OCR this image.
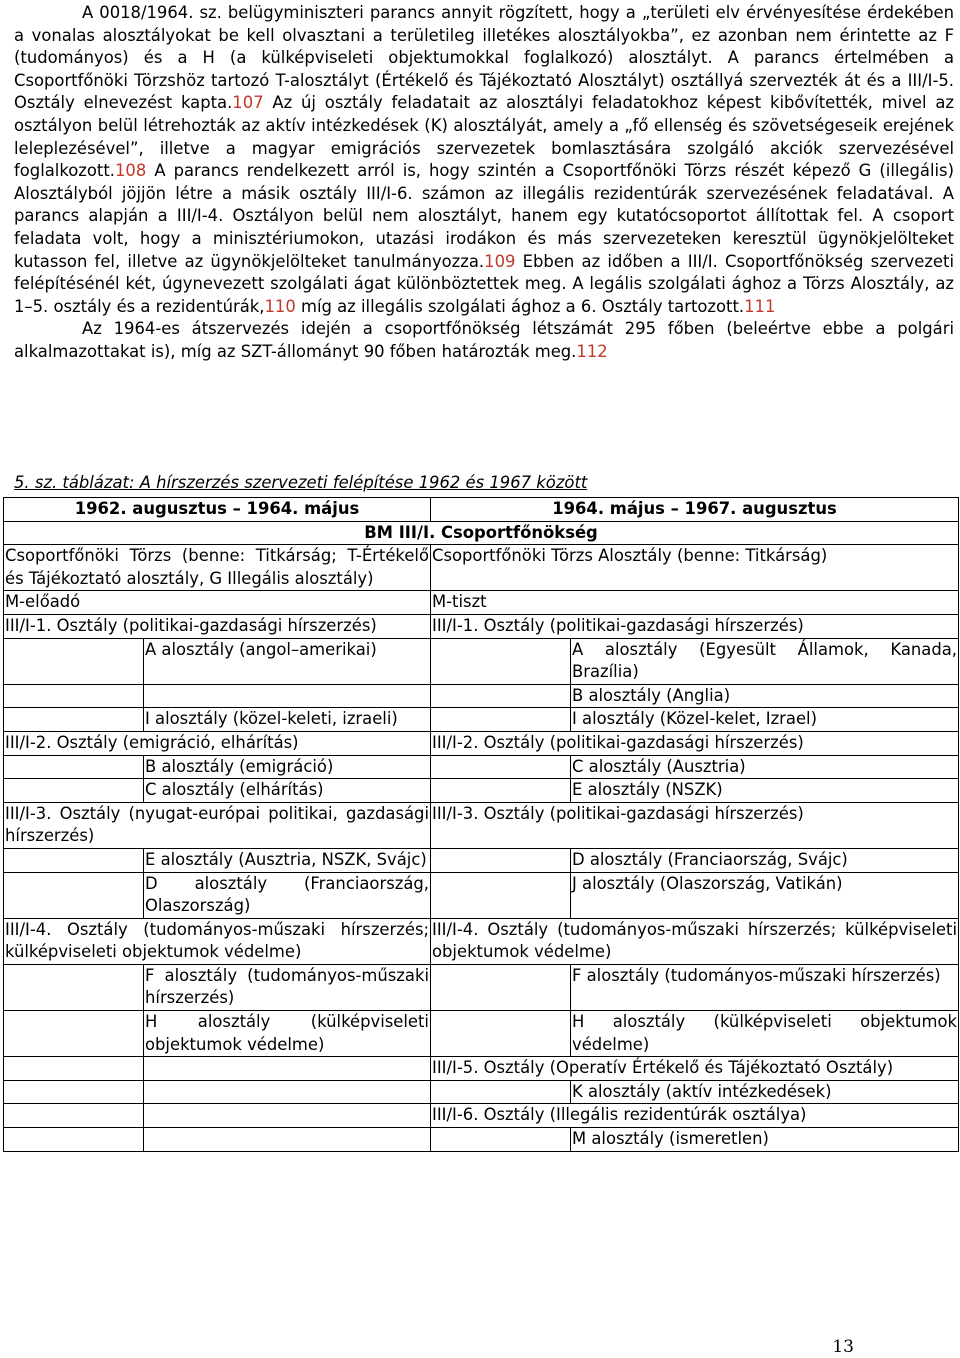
A 0018/1964. sz. belügyminiszteri parancs annyit rögzített, hogy a „területi elv érvényesítése érdekében a vonalas alosztályokat be kell olvasztani a területileg illetékes alosztályokba”, ez azonban nem érintette az F (tudományos) és a H (a külképviseleti objektumokkal foglalkozó) alosztályt. A parancs értelmében a Csoportfőnöki Törzshöz tartozó T-alosztályt (Értékelő és Tájékoztató Alosztályt) osztállyá szervezték át és a III/I-5. Osztály elnevezést kapta.107 Az új osztály feladatait az alosztályi feladatokhoz képest kibővítették, mivel az osztályon belül létrehozták az aktív intézkedések (K) alosztályát, amely a „fő ellenség és szövetségeseik erejének leleplezésével”, illetve a magyar emigrációs szervezetek bomlasztására szolgáló akciók szervezésével foglalkozott.108 A parancs rendelkezett arról is, hogy szintén a Csoportfőnöki Törzs részét képező G (illegális) Alosztályból jöjjön létre a másik osztály III/I-6. számon az illegális rezidentúrák szervezésének feladatával. A parancs alapján a III/I-4. Osztályon belül nem alosztályt, hanem egy kutatócsoportot állítottak fel. A csoport feladata volt, hogy a minisztériumokon, utazási irodákon és más szervezeteken keresztül ügynökjelölteket kutasson fel, illetve az ügynökjelölteket tanulmányozza.109 Ebben az időben a III/I. Csoportfőnökség szervezeti felépítésénél két, úgynevezett szolgálati ágat különböztettek meg. A legális szolgálati ághoz a Törzs Alosztály, az 1–5. osztály és a rezidentúrák,110 míg az illegális szolgálati ághoz a 6. Osztály tartozott.111

Az 1964-es átszervezés idején a csoportfőnökség létszámát 295 főben (beleértve ebbe a polgári alkalmazottakat is), míg az SZT-állományt 90 főben határozták meg.112

5. sz. táblázat: A hírszerzés szervezeti felépítése 1962 és 1967 között
1962. augusztus – 1964. május		1964. május – 1967. augusztus	
BM III/I. Csoportfőnökség			
Csoportfőnöki Törzs (benne: Titkárság; T-Értékelő és Tájékoztató alosztály, G Illegális alosztály)		Csoportfőnöki Törzs Alosztály (benne: Titkárság)	
M-előadó		M-tiszt	
III/I-1. Osztály (politikai-gazdasági hírszerzés)		III/I-1. Osztály (politikai-gazdasági hírszerzés)	
	A alosztály (angol–amerikai)		A alosztály (Egyesült Államok, Kanada, Brazília)
			B alosztály (Anglia)
	I alosztály (közel-keleti, izraeli)		I alosztály (Közel-kelet, Izrael)
III/I-2. Osztály (emigráció, elhárítás)		III/I-2. Osztály (politikai-gazdasági hírszerzés)	
	B alosztály (emigráció)		C alosztály (Ausztria)
	C alosztály (elhárítás)		E alosztály (NSZK)
III/I-3. Osztály (nyugat-európai politikai, gazdasági hírszerzés)		III/I-3. Osztály (politikai-gazdasági hírszerzés)	
	E alosztály (Ausztria, NSZK, Svájc)		D alosztály (Franciaország, Svájc)
	D alosztály (Franciaország, Olaszország)		J alosztály (Olaszország, Vatikán)
III/I-4. Osztály (tudományos-műszaki hírszerzés; külképviseleti objektumok védelme)		III/I-4. Osztály (tudományos-műszaki hírszerzés; külképviseleti objektumok védelme)	
	F alosztály (tudományos-műszaki hírszerzés)		F alosztály (tudományos-műszaki hírszerzés)
	H alosztály (külképviseleti objektumok védelme)		H alosztály (külképviseleti objektumok védelme)
		III/I-5. Osztály (Operatív Értékelő és Tájékoztató Osztály)	
			K alosztály (aktív intézkedések)
		III/I-6. Osztály (Illegális rezidentúrák osztálya)	
			M alosztály (ismeretlen)
13
